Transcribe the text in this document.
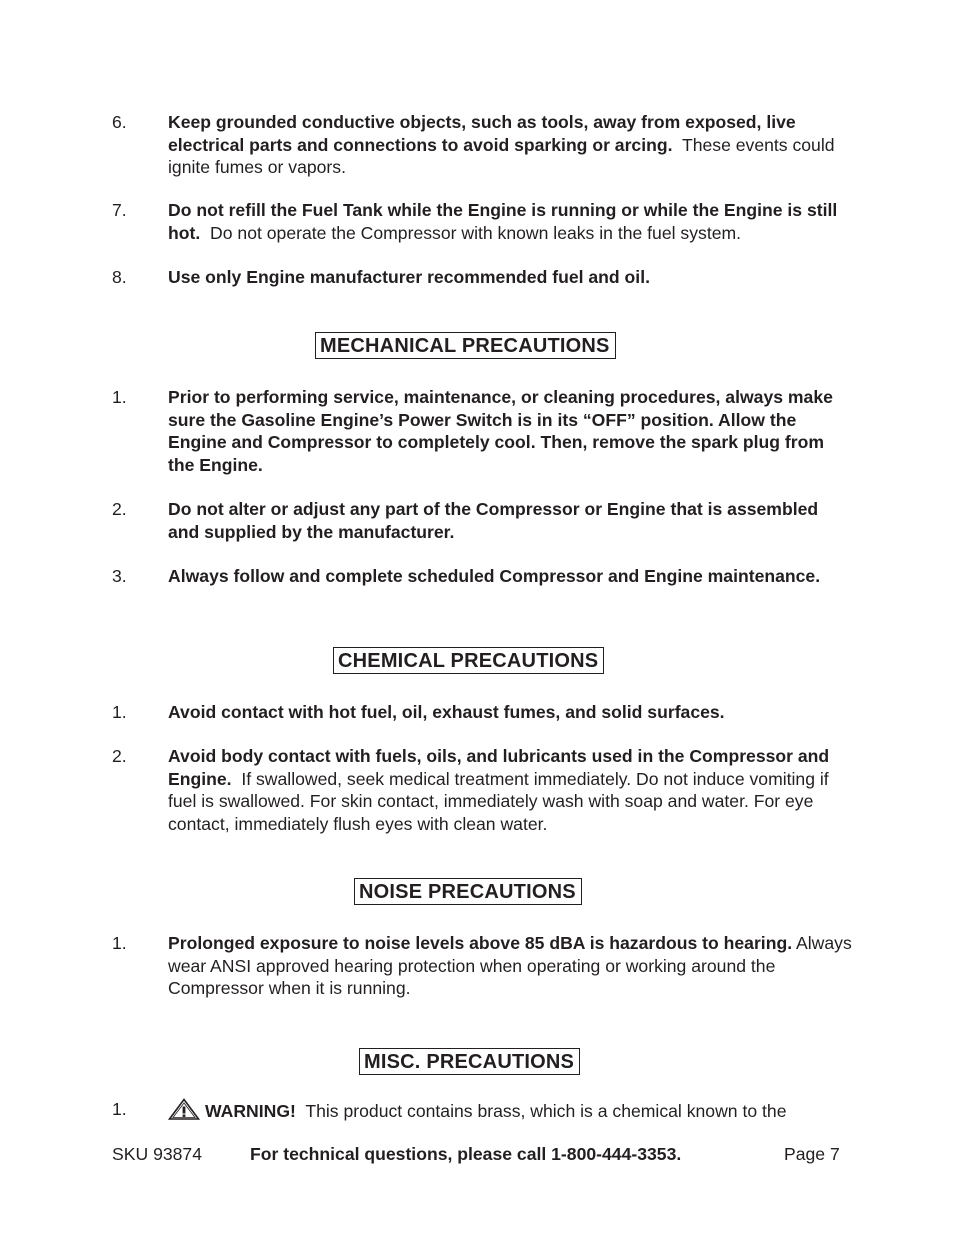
6. Keep grounded conductive objects, such as tools, away from exposed, live electrical parts and connections to avoid sparking or arcing. These events could ignite fumes or vapors.
7. Do not refill the Fuel Tank while the Engine is running or while the Engine is still hot. Do not operate the Compressor with known leaks in the fuel system.
8. Use only Engine manufacturer recommended fuel and oil.
MECHANICAL PRECAUTIONS
1. Prior to performing service, maintenance, or cleaning procedures, always make sure the Gasoline Engine’s Power Switch is in its “OFF” position. Allow the Engine and Compressor to completely cool. Then, remove the spark plug from the Engine.
2. Do not alter or adjust any part of the Compressor or Engine that is assembled and supplied by the manufacturer.
3. Always follow and complete scheduled Compressor and Engine maintenance.
CHEMICAL PRECAUTIONS
1. Avoid contact with hot fuel, oil, exhaust fumes, and solid surfaces.
2. Avoid body contact with fuels, oils, and lubricants used in the Compressor and Engine. If swallowed, seek medical treatment immediately. Do not induce vomiting if fuel is swallowed. For skin contact, immediately wash with soap and water. For eye contact, immediately flush eyes with clean water.
NOISE PRECAUTIONS
1. Prolonged exposure to noise levels above 85 dBA is hazardous to hearing. Always wear ANSI approved hearing protection when operating or working around the Compressor when it is running.
MISC. PRECAUTIONS
1.	WARNING! This product contains brass, which is a chemical known to the
SKU 93874	For technical questions, please call 1-800-444-3353.	Page 7
